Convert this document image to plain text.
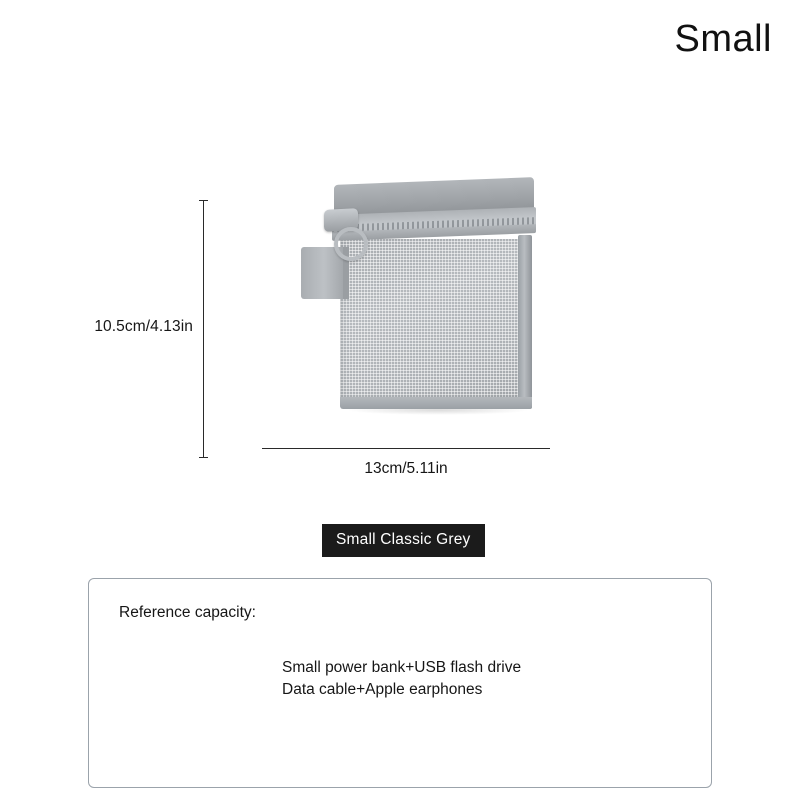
Small
10.5cm/4.13in
13cm/5.11in
Small Classic Grey
Reference capacity:
Small power bank+USB flash drive
Data cable+Apple earphones
